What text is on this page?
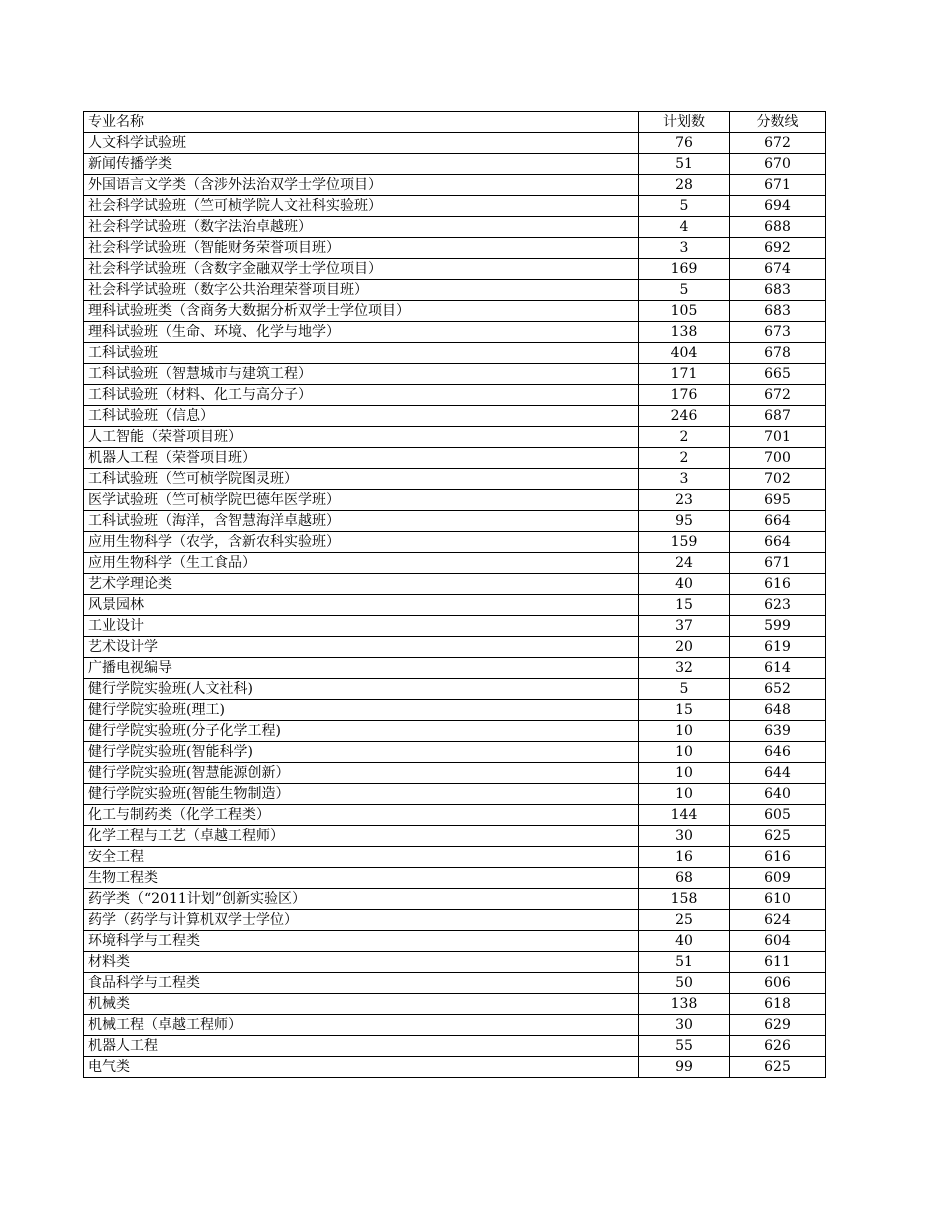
专业名称	计划数	分数线
人文科学试验班	76	672
新闻传播学类	51	670
外国语言文学类（含涉外法治双学士学位项目）	28	671
社会科学试验班（竺可桢学院人文社科实验班）	5	694
社会科学试验班（数字法治卓越班）	4	688
社会科学试验班（智能财务荣誉项目班）	3	692
社会科学试验班（含数字金融双学士学位项目）	169	674
社会科学试验班（数字公共治理荣誉项目班）	5	683
理科试验班类（含商务大数据分析双学士学位项目）	105	683
理科试验班（生命、环境、化学与地学）	138	673
工科试验班	404	678
工科试验班（智慧城市与建筑工程）	171	665
工科试验班（材料、化工与高分子）	176	672
工科试验班（信息）	246	687
人工智能（荣誉项目班）	2	701
机器人工程（荣誉项目班）	2	700
工科试验班（竺可桢学院图灵班）	3	702
医学试验班（竺可桢学院巴德年医学班）	23	695
工科试验班（海洋，含智慧海洋卓越班）	95	664
应用生物科学（农学，含新农科实验班）	159	664
应用生物科学（生工食品）	24	671
艺术学理论类	40	616
风景园林	15	623
工业设计	37	599
艺术设计学	20	619
广播电视编导	32	614
健行学院实验班(人文社科)	5	652
健行学院实验班(理工)	15	648
健行学院实验班(分子化学工程)	10	639
健行学院实验班(智能科学)	10	646
健行学院实验班(智慧能源创新）	10	644
健行学院实验班(智能生物制造）	10	640
化工与制药类（化学工程类）	144	605
化学工程与工艺（卓越工程师）	30	625
安全工程	16	616
生物工程类	68	609
药学类（“2011计划”创新实验区）	158	610
药学（药学与计算机双学士学位）	25	624
环境科学与工程类	40	604
材料类	51	611
食品科学与工程类	50	606
机械类	138	618
机械工程（卓越工程师）	30	629
机器人工程	55	626
电气类	99	625
